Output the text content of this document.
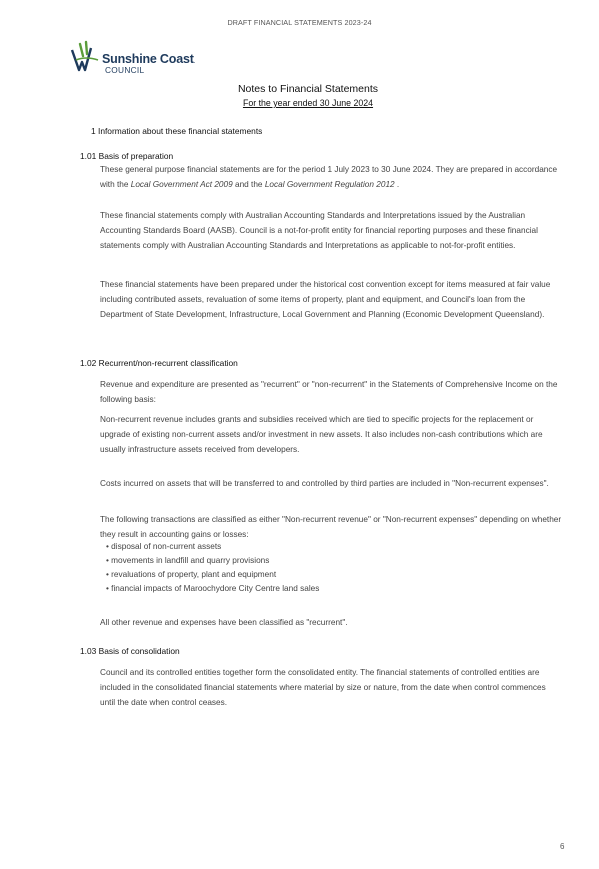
DRAFT FINANCIAL STATEMENTS 2023-24
Sunshine Coast.
COUNCIL
Notes to Financial Statements
For the year ended 30 June 2024
1 Information about these financial statements
1.01 Basis of preparation
These general purpose financial statements are for the period 1 July 2023 to 30 June 2024. They are prepared in accordance with the Local Government Act 2009 and the Local Government Regulation 2012 .
These financial statements comply with Australian Accounting Standards and Interpretations issued by the Australian Accounting Standards Board (AASB). Council is a not-for-profit entity for financial reporting purposes and these financial statements comply with Australian Accounting Standards and Interpretations as applicable to not-for-profit entities.
These financial statements have been prepared under the historical cost convention except for items measured at fair value including contributed assets, revaluation of some items of property, plant and equipment, and Council's loan from the Department of State Development, Infrastructure, Local Government and Planning (Economic Development Queensland).
1.02 Recurrent/non-recurrent classification
Revenue and expenditure are presented as "recurrent" or "non-recurrent" in the Statements of Comprehensive Income on the following basis:
Non-recurrent revenue includes grants and subsidies received which are tied to specific projects for the replacement or upgrade of existing non-current assets and/or investment in new assets. It also includes non-cash contributions which are usually infrastructure assets received from developers.
Costs incurred on assets that will be transferred to and controlled by third parties are included in "Non-recurrent expenses".
The following transactions are classified as either "Non-recurrent revenue" or "Non-recurrent expenses" depending on whether they result in accounting gains or losses:
• disposal of non-current assets
• movements in landfill and quarry provisions
• revaluations of property, plant and equipment
• financial impacts of Maroochydore City Centre land sales
All other revenue and expenses have been classified as "recurrent".
1.03 Basis of consolidation
Council and its controlled entities together form the consolidated entity. The financial statements of controlled entities are included in the consolidated financial statements where material by size or nature, from the date when control commences until the date when control ceases.
6
